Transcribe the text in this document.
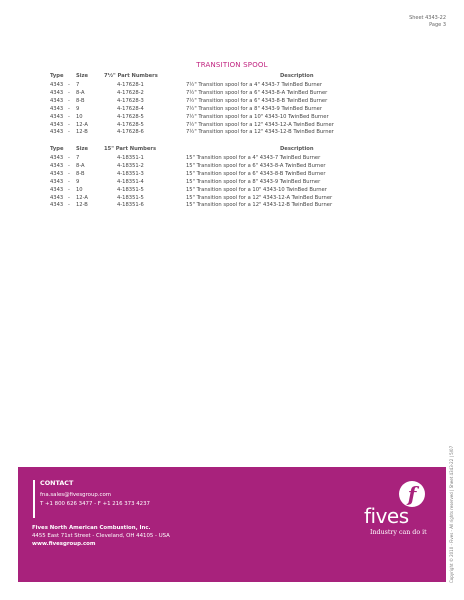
Sheet 4343-22
Page 3
TRANSITION SPOOL
Type Size	7½" Part Numbers	Description
4343 7	4-17628-1	7½" Transition spool for a 4" 4343-7 TwinBed Burner
-
4343 8-A	4-17628-2	7½" Transition spool for a 6" 4343-8-A TwinBed Burner
-
4343 8-B	4-17628-3	7½" Transition spool for a 6" 4343-8-B TwinBed Burner
-
4343 9	4-17628-4	7½" Transition spool for a 8" 4343-9 TwinBed Burner
-
4343 10	4-17628-5	7½" Transition spool for a 10" 4343-10 TwinBed Burner
-
4343 12-A	4-17628-5	7½" Transition spool for a 12" 4343-12-A TwinBed Burner
-
4343 12-B	4-17628-6	7½" Transition spool for a 12" 4343-12-B TwinBed Burner
-
Type Size	15" Part Numbers	Description
4343 7	4-18351-1	15" Transition spool for a 4" 4343-7 TwinBed Burner
-
4343 8-A	4-18351-2	15" Transition spool for a 6" 4343-8-A TwinBed Burner
-
4343 8-B	4-18351-3	15" Transition spool for a 6" 4343-8-B TwinBed Burner
-
4343 9	4-18351-4	15" Transition spool for a 8" 4343-9 TwinBed Burner
-
4343 10	4-18351-5	15" Transition spool for a 10" 4343-10 TwinBed Burner
-
4343 12-A	4-18351-5	15" Transition spool for a 12" 4343-12-A TwinBed Burner
-
4343 12-B	4-18351-6	15" Transition spool for a 12" 4343-12-B TwinBed Burner
-
CONTACT
fna.sales@fivesgroup.com
T +1 800 626 3477 - F +1 216 373 4237
Fives North American Combustion, Inc.
4455 East 71st Street - Cleveland, OH 44105 - USA
www.fivesgroup.com
f
fives
Industry can do it	Copyright © 2010 - Fives - All rights reserved | Sheet 4343-22 | 5/07
